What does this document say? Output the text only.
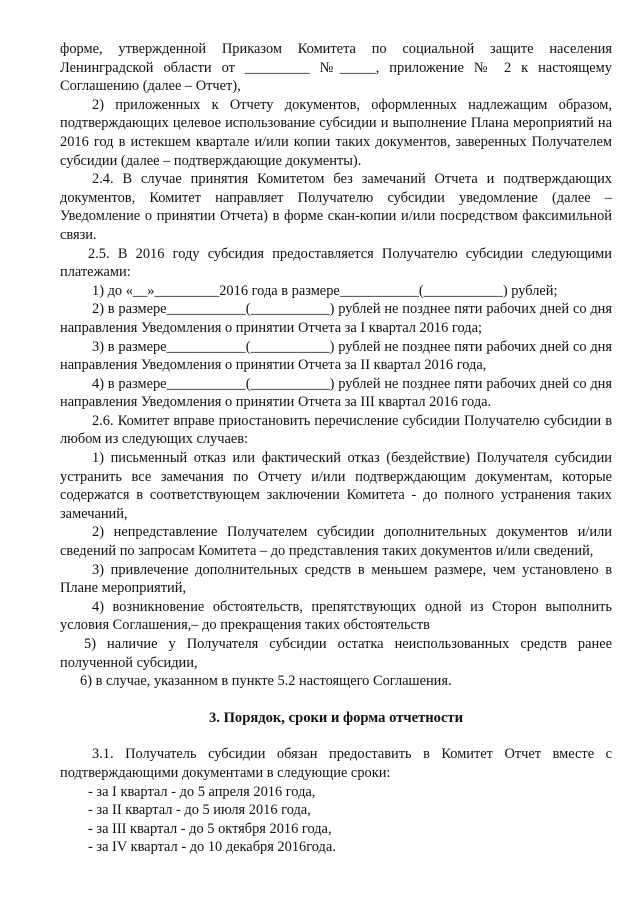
форме, утвержденной Приказом Комитета по социальной защите населения Ленинградской области от _________ №_____, приложение № 2 к настоящему Соглашению (далее – Отчет),

2) приложенных к Отчету документов, оформленных надлежащим образом, подтверждающих целевое использование субсидии и выполнение Плана мероприятий на 2016 год в истекшем квартале и/или копии таких документов, заверенных Получателем субсидии (далее – подтверждающие документы).

2.4. В случае принятия Комитетом без замечаний Отчета и подтверждающих документов, Комитет направляет Получателю субсидии уведомление (далее – Уведомление о принятии Отчета) в форме скан-копии и/или посредством факсимильной связи.

2.5. В 2016 году субсидия предоставляется Получателю субсидии следующими платежами:

1) до «__»_________2016 года в размере___________(___________) рублей;

2) в размере___________(___________) рублей не позднее пяти рабочих дней со дня направления Уведомления о принятии Отчета за I квартал 2016 года;

3) в размере___________(___________) рублей не позднее пяти рабочих дней со дня направления Уведомления о принятии Отчета за II квартал 2016 года,

4) в размере___________(___________) рублей не позднее пяти рабочих дней со дня направления Уведомления о принятии Отчета за III квартал 2016 года.

2.6. Комитет вправе приостановить перечисление субсидии Получателю субсидии в любом из следующих случаев:

1) письменный отказ или фактический отказ (бездействие) Получателя субсидии устранить все замечания по Отчету и/или подтверждающим документам, которые содержатся в соответствующем заключении Комитета - до полного устранения таких замечаний,

2) непредставление Получателем субсидии дополнительных документов и/или сведений по запросам Комитета – до представления таких документов и/или сведений,

3) привлечение дополнительных средств в меньшем размере, чем установлено в Плане мероприятий,

4) возникновение обстоятельств, препятствующих одной из Сторон выполнить условия Соглашения,– до прекращения таких обстоятельств

5) наличие у Получателя субсидии остатка неиспользованных средств ранее полученной субсидии,

6) в случае, указанном в пункте 5.2 настоящего Соглашения.

3. Порядок, сроки и форма отчетности

3.1. Получатель субсидии обязан предоставить в Комитет Отчет вместе с подтверждающими документами в следующие сроки:

- за I квартал - до 5 апреля 2016 года,

- за II квартал - до 5 июля 2016 года,

- за III квартал - до 5 октября 2016 года,

- за IV квартал - до 10 декабря 2016года.
